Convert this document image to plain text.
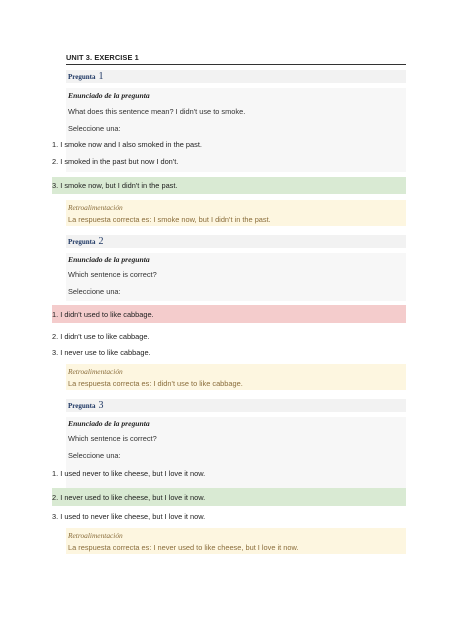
UNIT 3. EXERCISE 1
Pregunta 1
Enunciado de la pregunta
What does this sentence mean? I didn't use to smoke.
Seleccione una:
1. I smoke now and I also smoked in the past.
2. I smoked in the past but now I don't.
3. I smoke now, but I didn't in the past.
Retroalimentación
La respuesta correcta es: I smoke now, but I didn't in the past.
Pregunta 2
Enunciado de la pregunta
Which sentence is correct?
Seleccione una:
1. I didn't used to like cabbage.
2. I didn't use to like cabbage.
3. I never use to like cabbage.
Retroalimentación
La respuesta correcta es: I didn't use to like cabbage.
Pregunta 3
Enunciado de la pregunta
Which sentence is correct?
Seleccione una:
1. I used never to like cheese, but I love it now.
2. I never used to like cheese, but I love it now.
3. I used to never like cheese, but I love it now.
Retroalimentación
La respuesta correcta es: I never used to like cheese, but I love it now.
